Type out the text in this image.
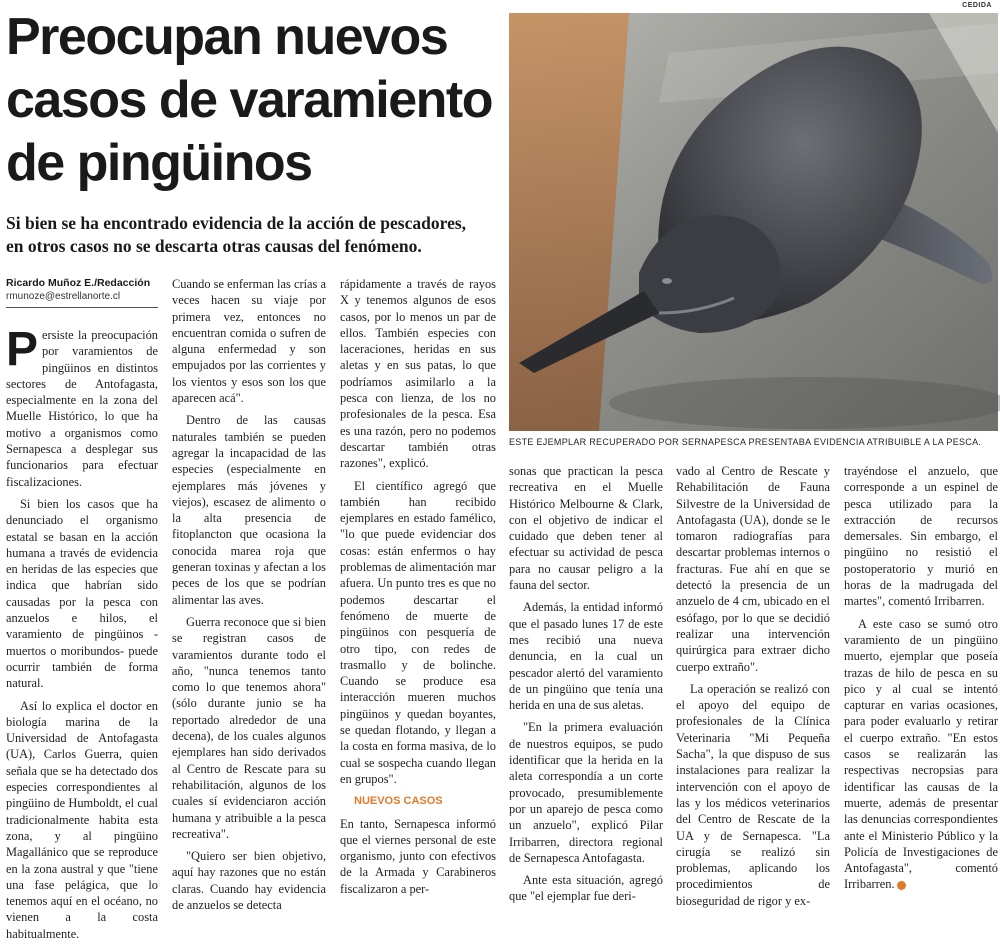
Preocupan nuevos
casos de varamiento
de pingüinos
Si bien se ha encontrado evidencia de la acción de pescadores,
en otros casos no se descarta otras causas del fenómeno.
CEDIDA
ESTE EJEMPLAR RECUPERADO POR SERNAPESCA PRESENTABA EVIDENCIA ATRIBUIBLE A LA PESCA.
Ricardo Muñoz E./Redacción
rmunoze@estrellanorte.cl

Persiste la preocupación por varamientos de pingüinos en distintos sectores de Antofagasta, especialmente en la zona del Muelle Histórico, lo que ha motivo a organismos como Sernapesca a desplegar sus funcionarios para efectuar fiscalizaciones.

Si bien los casos que ha denunciado el organismo estatal se basan en la acción humana a través de evidencia en heridas de las especies que indica que habrían sido causadas por la pesca con anzuelos e hilos, el varamiento de pingüinos -muertos o moribundos- puede ocurrir también de forma natural.

Así lo explica el doctor en biología marina de la Universidad de Antofagasta (UA), Carlos Guerra, quien señala que se ha detectado dos especies correspondientes al pingüino de Humboldt, el cual tradicionalmente habita esta zona, y al pingüino Magallánico que se reproduce en la zona austral y que "tiene una fase pelágica, que lo tenemos aquí en el océano, no vienen a la costa habitualmente.

Cuando se enferman las crías a veces hacen su viaje por primera vez, entonces no encuentran comida o sufren de alguna enfermedad y son empujados por las corrientes y los vientos y esos son los que aparecen acá".

Dentro de las causas naturales también se pueden agregar la incapacidad de las especies (especialmente en ejemplares más jóvenes y viejos), escasez de alimento o la alta presencia de fitoplancton que ocasiona la conocida marea roja que generan toxinas y afectan a los peces de los que se podrían alimentar las aves.

Guerra reconoce que si bien se registran casos de varamientos durante todo el año, "nunca tenemos tanto como lo que tenemos ahora" (sólo durante junio se ha reportado alrededor de una decena), de los cuales algunos ejemplares han sido derivados al Centro de Rescate para su rehabilitación, algunos de los cuales sí evidenciaron acción humana y atribuible a la pesca recreativa".

"Quiero ser bien objetivo, aquí hay razones que no están claras. Cuando hay evidencia de anzuelos se detecta

rápidamente a través de rayos X y tenemos algunos de esos casos, por lo menos un par de ellos. También especies con laceraciones, heridas en sus aletas y en sus patas, lo que podríamos asimilarlo a la pesca con lienza, de los no profesionales de la pesca. Esa es una razón, pero no podemos descartar también otras razones", explicó.

El científico agregó que también han recibido ejemplares en estado famélico, "lo que puede evidenciar dos cosas: están enfermos o hay problemas de alimentación mar afuera. Un punto tres es que no podemos descartar el fenómeno de muerte de pingüinos con pesquería de otro tipo, con redes de trasmallo y de bolinche. Cuando se produce esa interacción mueren muchos pingüinos y quedan boyantes, se quedan flotando, y llegan a la costa en forma masiva, de lo cual se sospecha cuando llegan en grupos".

NUEVOS CASOS

En tanto, Sernapesca informó que el viernes personal de este organismo, junto con efectivos de la Armada y Carabineros fiscalizaron a per-

sonas que practican la pesca recreativa en el Muelle Histórico Melbourne & Clark, con el objetivo de indicar el cuidado que deben tener al efectuar su actividad de pesca para no causar peligro a la fauna del sector.

Además, la entidad informó que el pasado lunes 17 de este mes recibió una nueva denuncia, en la cual un pescador alertó del varamiento de un pingüino que tenía una herida en una de sus aletas.

"En la primera evaluación de nuestros equipos, se pudo identificar que la herida en la aleta correspondía a un corte provocado, presumiblemente por un aparejo de pesca como un anzuelo", explicó Pilar Irribarren, directora regional de Sernapesca Antofagasta.

Ante esta situación, agregó que "el ejemplar fue deri-

vado al Centro de Rescate y Rehabilitación de Fauna Silvestre de la Universidad de Antofagasta (UA), donde se le tomaron radiografías para descartar problemas internos o fracturas. Fue ahí en que se detectó la presencia de un anzuelo de 4 cm, ubicado en el esófago, por lo que se decidió realizar una intervención quirúrgica para extraer dicho cuerpo extraño".

La operación se realizó con el apoyo del equipo de profesionales de la Clínica Veterinaria "Mi Pequeña Sacha", la que dispuso de sus instalaciones para realizar la intervención con el apoyo de las y los médicos veterinarios del Centro de Rescate de la UA y de Sernapesca. "La cirugía se realizó sin problemas, aplicando los procedimientos de bioseguridad de rigor y ex-

trayéndose el anzuelo, que corresponde a un espinel de pesca utilizado para la extracción de recursos demersales. Sin embargo, el pingüino no resistió el postoperatorio y murió en horas de la madrugada del martes", comentó Irribarren.

A este caso se sumó otro varamiento de un pingüino muerto, ejemplar que poseía trazas de hilo de pesca en su pico y al cual se intentó capturar en varias ocasiones, para poder evaluarlo y retirar el cuerpo extraño. "En estos casos se realizarán las respectivas necropsias para identificar las causas de la muerte, además de presentar las denuncias correspondientes ante el Ministerio Público y la Policía de Investigaciones de Antofagasta", comentó Irribarren.
